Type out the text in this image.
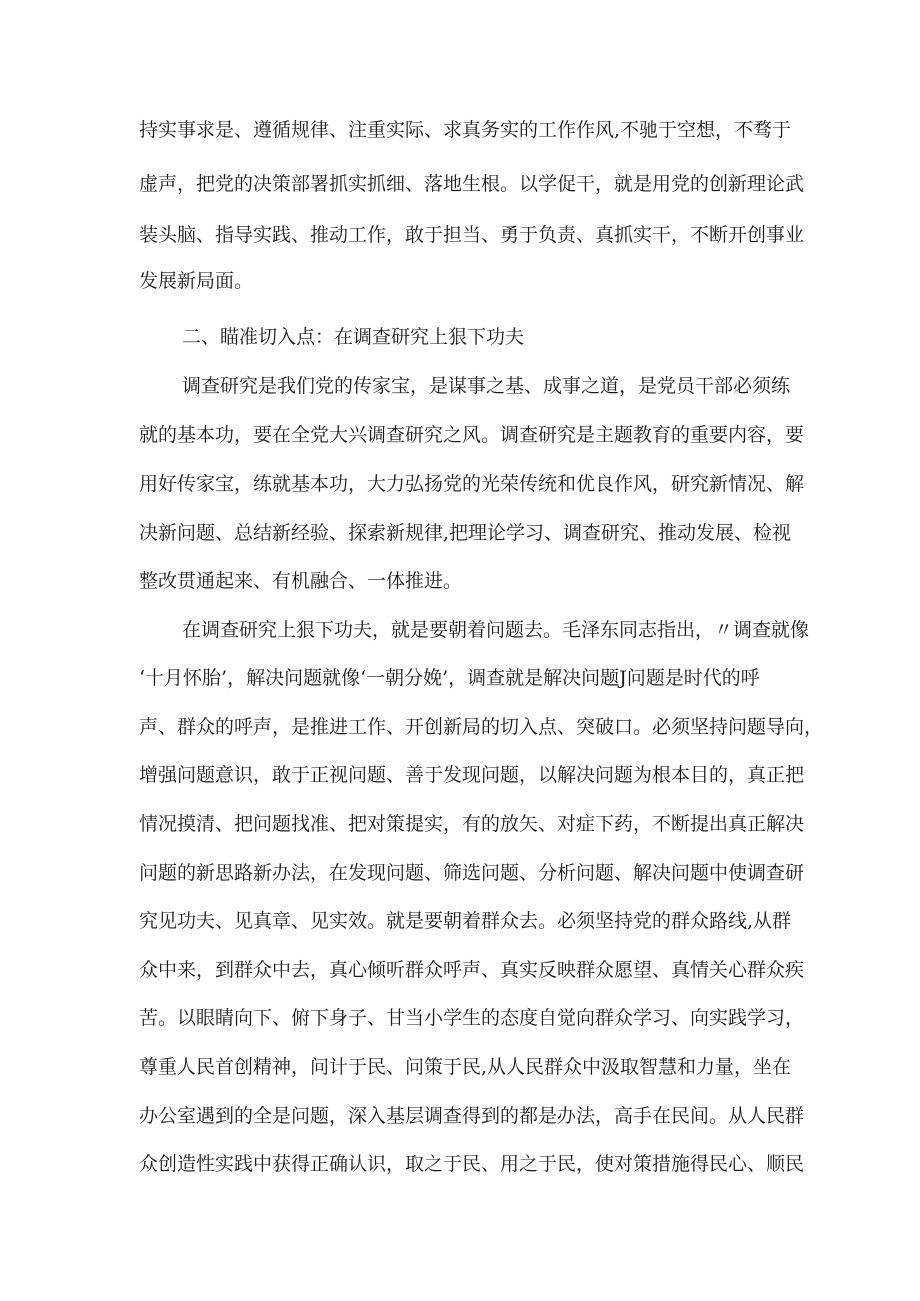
持实事求是、遵循规律、注重实际、求真务实的工作作风,不驰于空想，不骛于
虚声，把党的决策部署抓实抓细、落地生根。以学促干，就是用党的创新理论武
装头脑、指导实践、推动工作，敢于担当、勇于负责、真抓实干，不断开创事业
发展新局面。
二、瞄准切入点：在调查研究上狠下功夫
调查研究是我们党的传家宝，是谋事之基、成事之道，是党员干部必须练
就的基本功，要在全党大兴调查研究之风。调查研究是主题教育的重要内容，要
用好传家宝，练就基本功，大力弘扬党的光荣传统和优良作风，研究新情况、解
决新问题、总结新经验、探索新规律,把理论学习、调查研究、推动发展、检视
整改贯通起来、有机融合、一体推进。
在调查研究上狠下功夫，就是要朝着问题去。毛泽东同志指出，〃调查就像
‘十月怀胎’，解决问题就像‘一朝分娩’，调查就是解决问题J问题是时代的呼
声、群众的呼声，是推进工作、开创新局的切入点、突破口。必须坚持问题导向，
增强问题意识，敢于正视问题、善于发现问题，以解决问题为根本目的，真正把
情况摸清、把问题找准、把对策提实，有的放矢、对症下药，不断提出真正解决
问题的新思路新办法，在发现问题、筛选问题、分析问题、解决问题中使调查研
究见功夫、见真章、见实效。就是要朝着群众去。必须坚持党的群众路线,从群
众中来，到群众中去，真心倾听群众呼声、真实反映群众愿望、真情关心群众疾
苦。以眼睛向下、俯下身子、甘当小学生的态度自觉向群众学习、向实践学习，
尊重人民首创精神，问计于民、问策于民,从人民群众中汲取智慧和力量，坐在
办公室遇到的全是问题，深入基层调查得到的都是办法，高手在民间。从人民群
众创造性实践中获得正确认识，取之于民、用之于民，使对策措施得民心、顺民
